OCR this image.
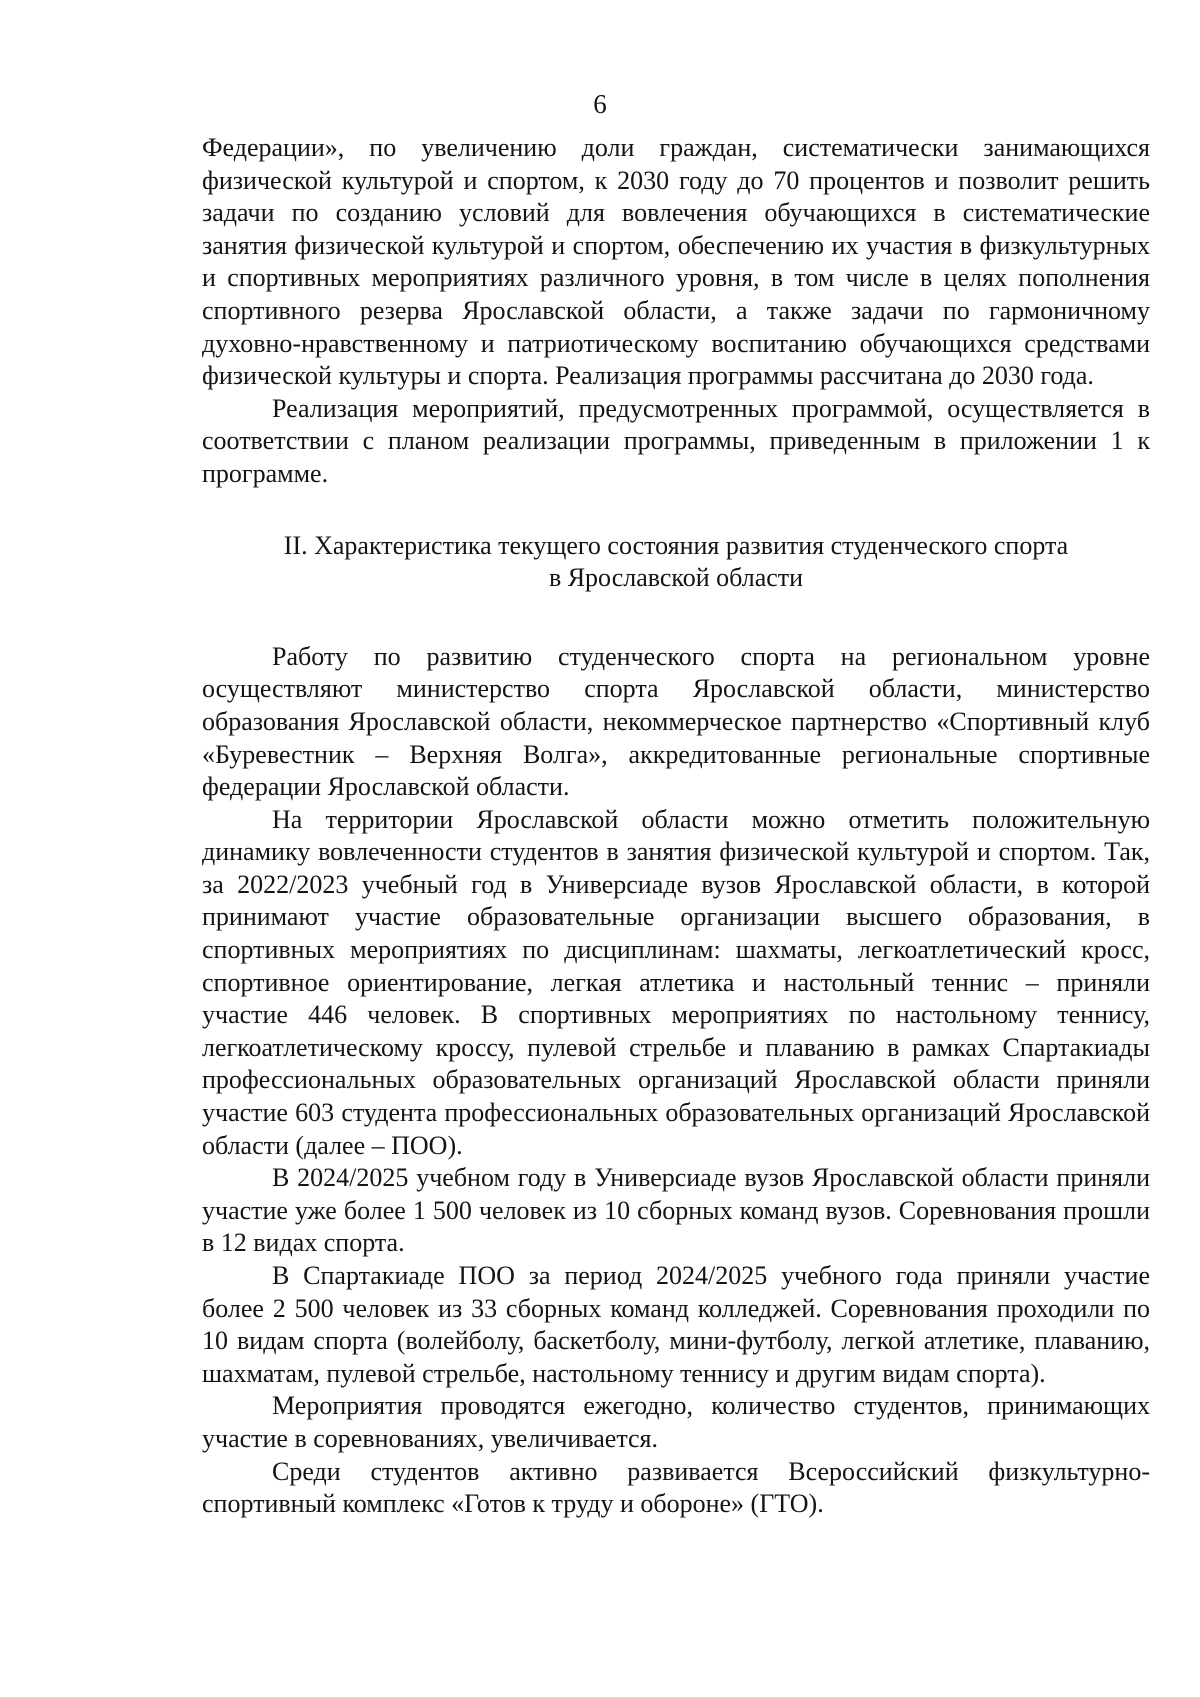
6

Федерации», по увеличению доли граждан, систематически занимающихся физической культурой и спортом, к 2030 году до 70 процентов и позволит решить задачи по созданию условий для вовлечения обучающихся в систематические занятия физической культурой и спортом, обеспечению их участия в физкультурных и спортивных мероприятиях различного уровня, в том числе в целях пополнения спортивного резерва Ярославской области, а также задачи по гармоничному духовно-нравственному и патриотическому воспитанию обучающихся средствами физической культуры и спорта. Реализация программы рассчитана до 2030 года.

Реализация мероприятий, предусмотренных программой, осуществляется в соответствии с планом реализации программы, приведенным в приложении 1 к программе.

II. Характеристика текущего состояния развития студенческого спорта
в Ярославской области

Работу по развитию студенческого спорта на региональном уровне осуществляют министерство спорта Ярославской области, министерство образования Ярославской области, некоммерческое партнерство «Спортивный клуб «Буревестник – Верхняя Волга», аккредитованные региональные спортивные федерации Ярославской области.

На территории Ярославской области можно отметить положительную динамику вовлеченности студентов в занятия физической культурой и спортом. Так, за 2022/2023 учебный год в Универсиаде вузов Ярославской области, в которой принимают участие образовательные организации высшего образования, в спортивных мероприятиях по дисциплинам: шахматы, легкоатлетический кросс, спортивное ориентирование, легкая атлетика и настольный теннис – приняли участие 446 человек. В спортивных мероприятиях по настольному теннису, легкоатлетическому кроссу, пулевой стрельбе и плаванию в рамках Спартакиады профессиональных образовательных организаций Ярославской области приняли участие 603 студента профессиональных образовательных организаций Ярославской области (далее – ПОО).

В 2024/2025 учебном году в Универсиаде вузов Ярославской области приняли участие уже более 1 500 человек из 10 сборных команд вузов. Соревнования прошли в 12 видах спорта.

В Спартакиаде ПОО за период 2024/2025 учебного года приняли участие более 2 500 человек из 33 сборных команд колледжей. Соревнования проходили по 10 видам спорта (волейболу, баскетболу, мини-футболу, легкой атлетике, плаванию, шахматам, пулевой стрельбе, настольному теннису и другим видам спорта).

Мероприятия проводятся ежегодно, количество студентов, принимающих участие в соревнованиях, увеличивается.

Среди студентов активно развивается Всероссийский физкультурно-спортивный комплекс «Готов к труду и обороне» (ГТО).
